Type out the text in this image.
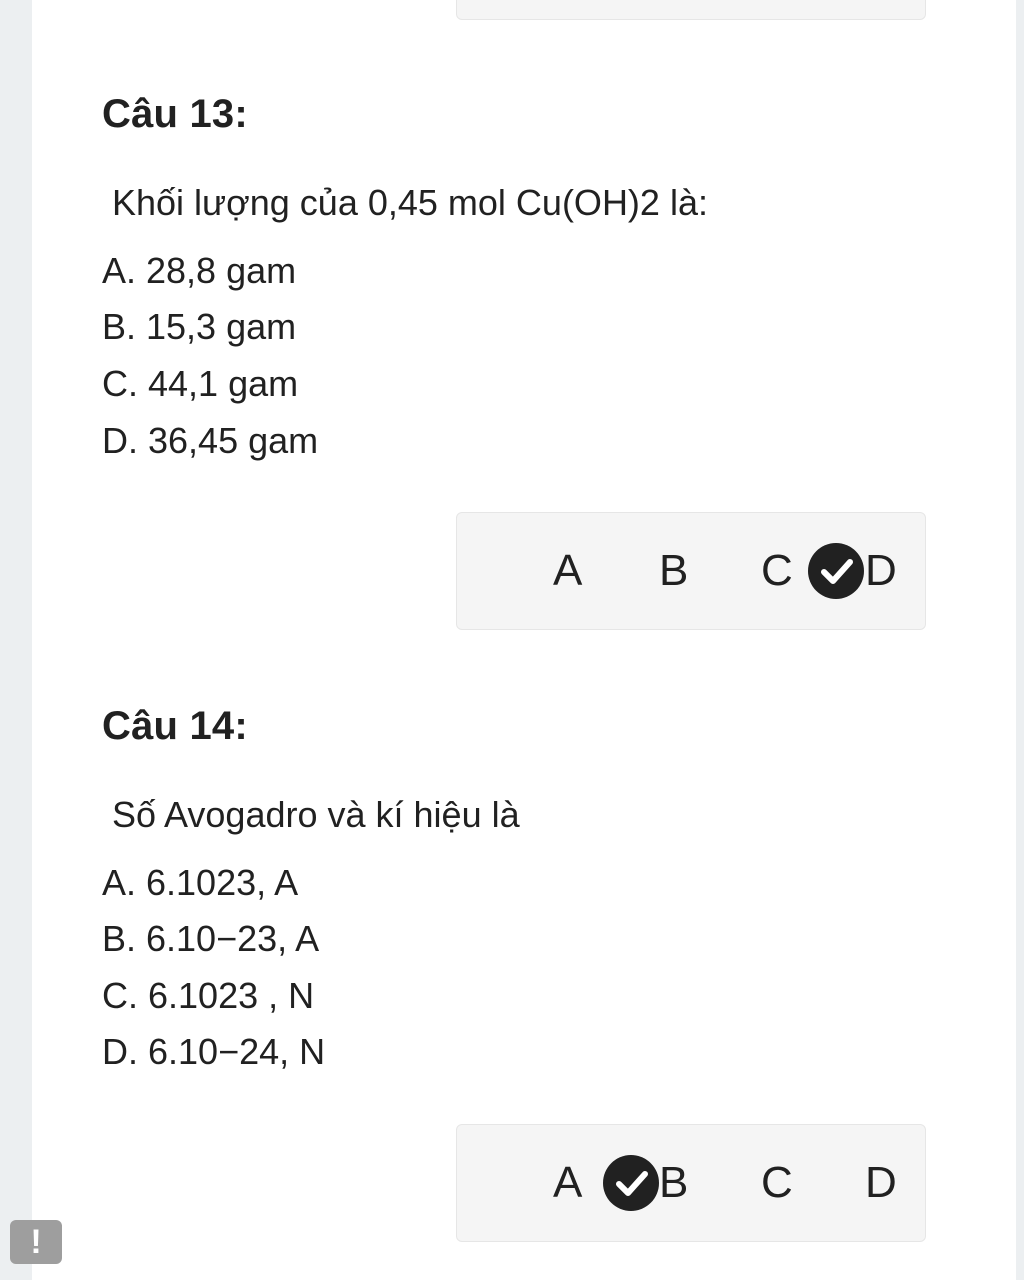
Câu 13:
Khối lượng của 0,45 mol Cu(OH)2 là:
A. 28,8 gam
B. 15,3 gam
C. 44,1 gam
D. 36,45 gam
A B C D
Câu 14:
Số Avogadro và kí hiệu là
A. 6.1023, A
B. 6.10−23, A
C. 6.1023 , N
D. 6.10−24, N
A B C D
!
